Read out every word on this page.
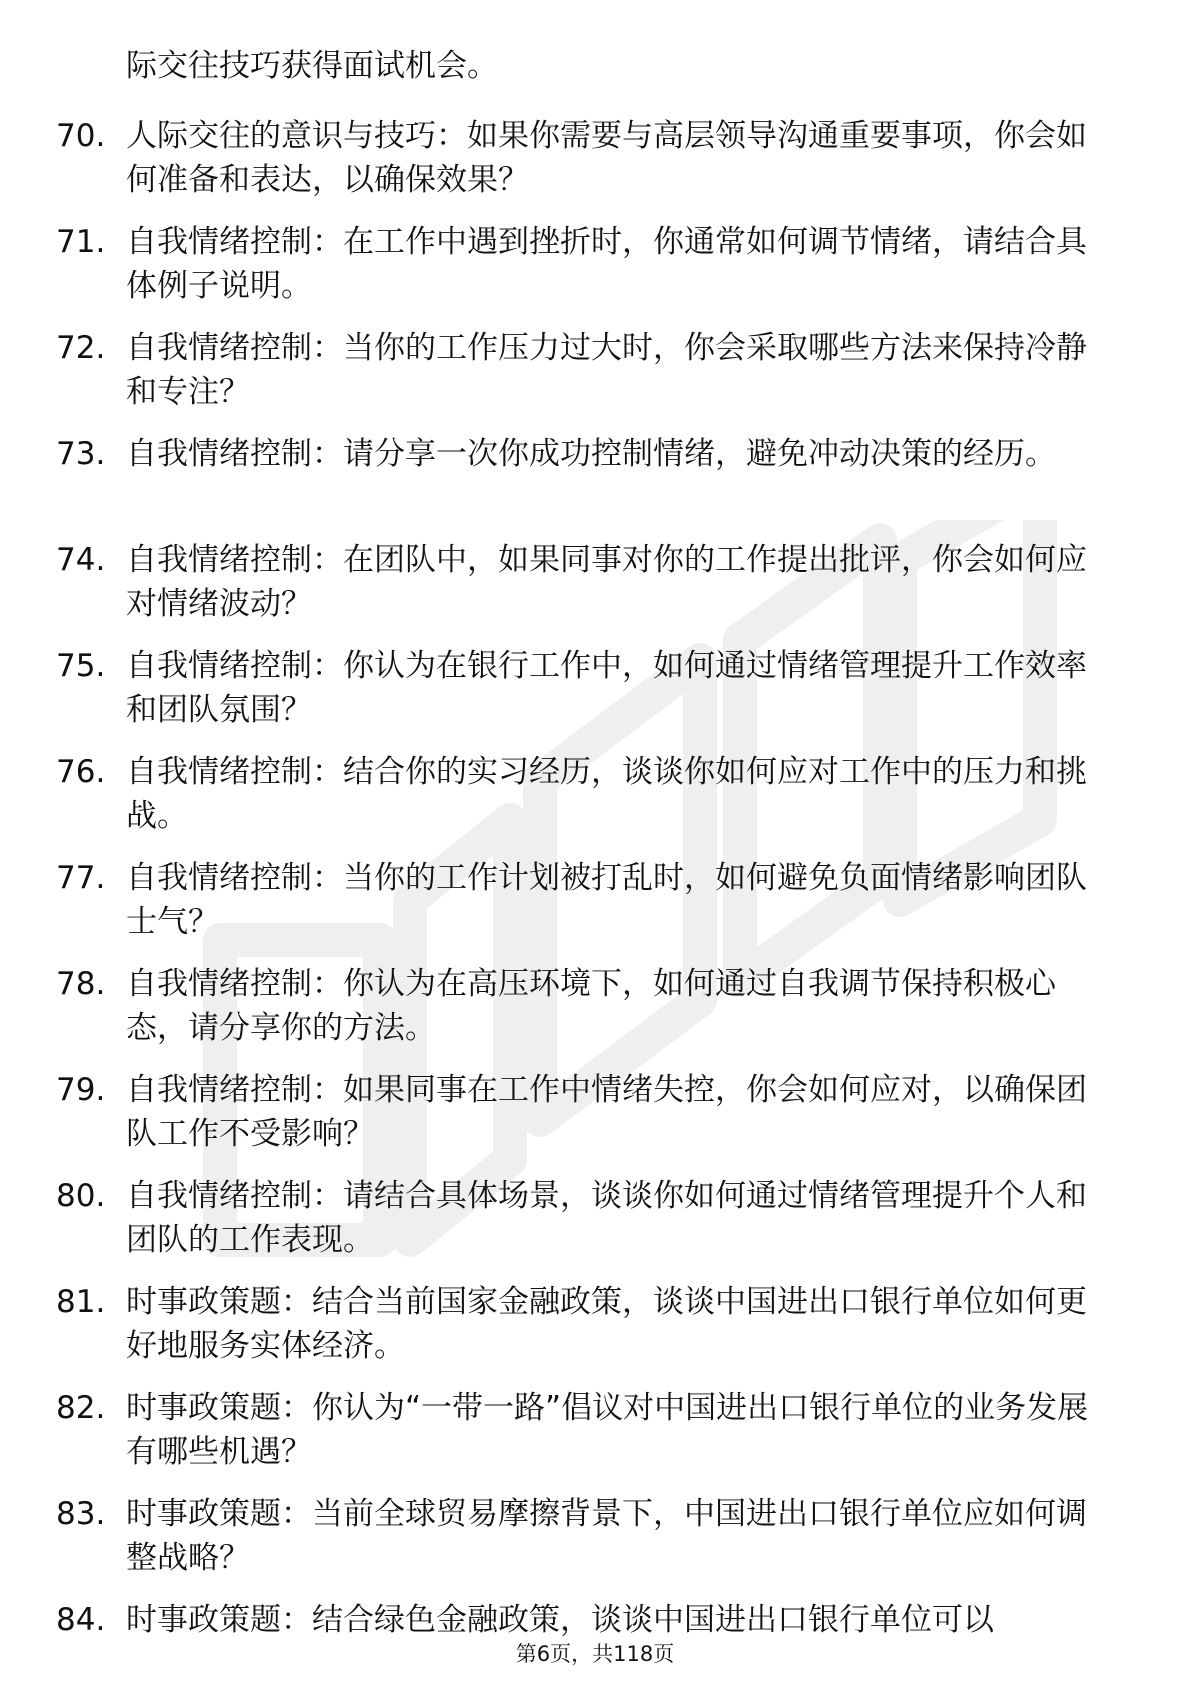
际交往技巧获得面试机会。
70. 人际交往的意识与技巧：如果你需要与高层领导沟通重要事项，你会如何准备和表达，以确保效果？
71. 自我情绪控制：在工作中遇到挫折时，你通常如何调节情绪，请结合具体例子说明。
72. 自我情绪控制：当你的工作压力过大时，你会采取哪些方法来保持冷静和专注？
73. 自我情绪控制：请分享一次你成功控制情绪，避免冲动决策的经历。
74. 自我情绪控制：在团队中，如果同事对你的工作提出批评，你会如何应对情绪波动？
75. 自我情绪控制：你认为在银行工作中，如何通过情绪管理提升工作效率和团队氛围？
76. 自我情绪控制：结合你的实习经历，谈谈你如何应对工作中的压力和挑战。
77. 自我情绪控制：当你的工作计划被打乱时，如何避免负面情绪影响团队士气？
78. 自我情绪控制：你认为在高压环境下，如何通过自我调节保持积极心态，请分享你的方法。
79. 自我情绪控制：如果同事在工作中情绪失控，你会如何应对，以确保团队工作不受影响？
80. 自我情绪控制：请结合具体场景，谈谈你如何通过情绪管理提升个人和团队的工作表现。
81. 时事政策题：结合当前国家金融政策，谈谈中国进出口银行单位如何更好地服务实体经济。
82. 时事政策题：你认为“一带一路”倡议对中国进出口银行单位的业务发展有哪些机遇？
83. 时事政策题：当前全球贸易摩擦背景下，中国进出口银行单位应如何调整战略？
84. 时事政策题：结合绿色金融政策，谈谈中国进出口银行单位可以
第6页，共118页
